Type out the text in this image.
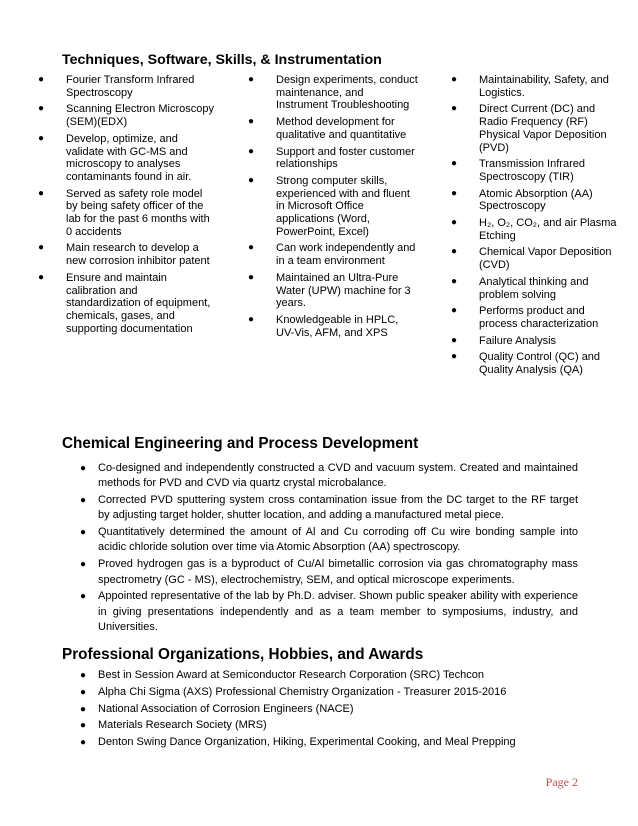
Techniques, Software, Skills, & Instrumentation
● Fourier Transform Infrared Spectroscopy
● Scanning Electron Microscopy (SEM)(EDX)
● Develop, optimize, and validate with GC-MS and microscopy to analyses contaminants found in air.
● Served as safety role model by being safety officer of the lab for the past 6 months with 0 accidents
● Main research to develop a new corrosion inhibitor patent
● Ensure and maintain calibration and standardization of equipment, chemicals, gases, and supporting documentation
● Design experiments, conduct maintenance, and Instrument Troubleshooting
● Method development for qualitative and quantitative
● Support and foster customer relationships
● Strong computer skills, experienced with and fluent in Microsoft Office applications (Word, PowerPoint, Excel)
● Can work independently and in a team environment
● Maintained an Ultra-Pure Water (UPW) machine for 3 years.
● Knowledgeable in HPLC, UV-Vis, AFM, and XPS
● Maintainability, Safety, and Logistics.
● Direct Current (DC) and Radio Frequency (RF) Physical Vapor Deposition (PVD)
● Transmission Infrared Spectroscopy (TIR)
● Atomic Absorption (AA) Spectroscopy
● H₂, O₂, CO₂, and air Plasma Etching
● Chemical Vapor Deposition (CVD)
● Analytical thinking and problem solving
● Performs product and process characterization
● Failure Analysis
● Quality Control (QC) and Quality Analysis (QA)
Chemical Engineering and Process Development
● Co-designed and independently constructed a CVD and vacuum system. Created and maintained methods for PVD and CVD via quartz crystal microbalance.
● Corrected PVD sputtering system cross contamination issue from the DC target to the RF target by adjusting target holder, shutter location, and adding a manufactured metal piece.
● Quantitatively determined the amount of Al and Cu corroding off Cu wire bonding sample into acidic chloride solution over time via Atomic Absorption (AA) spectroscopy.
● Proved hydrogen gas is a byproduct of Cu/Al bimetallic corrosion via gas chromatography mass spectrometry (GC - MS), electrochemistry, SEM, and optical microscope experiments.
● Appointed representative of the lab by Ph.D. adviser. Shown public speaker ability with experience in giving presentations independently and as a team member to symposiums, industry, and Universities.
Professional Organizations, Hobbies, and Awards
● Best in Session Award at Semiconductor Research Corporation (SRC) Techcon
● Alpha Chi Sigma (AXS) Professional Chemistry Organization - Treasurer 2015-2016
● National Association of Corrosion Engineers (NACE)
● Materials Research Society (MRS)
● Denton Swing Dance Organization, Hiking, Experimental Cooking, and Meal Prepping
Page 2
